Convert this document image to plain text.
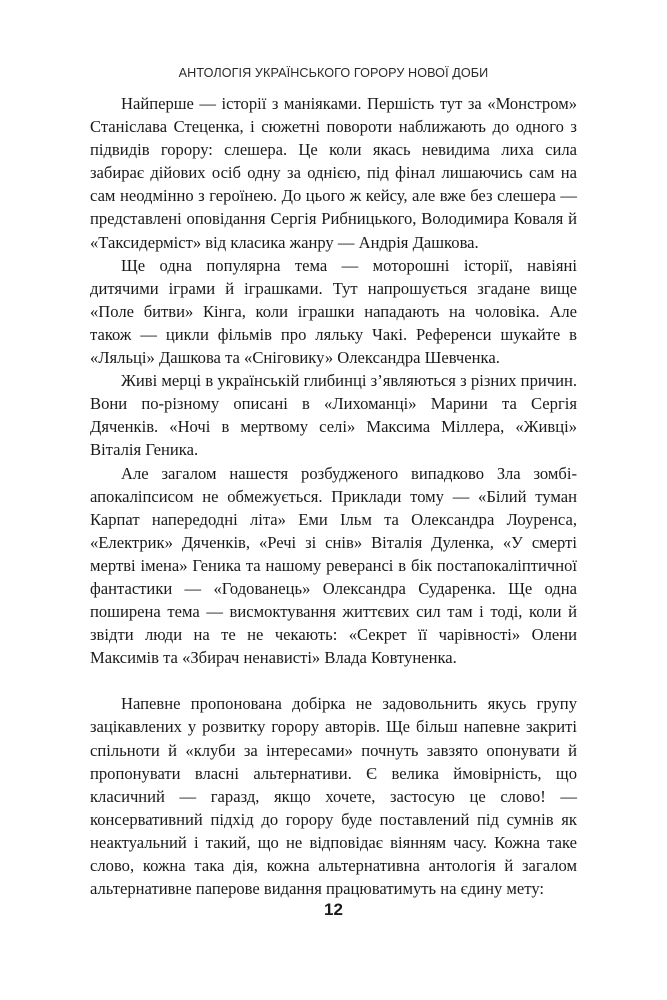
АНТОЛОГІЯ УКРАЇНСЬКОГО ГОРОРУ НОВОЇ ДОБИ

Найперше — історії з маніяками. Першість тут за «Монстром» Станіслава Стеценка, і сюжетні повороти наближають до одного з підвидів горору: слешера. Це коли якась невидима лиха сила забирає дійових осіб одну за однією, під фінал лишаючись сам на сам неодмінно з героїнею. До цього ж кейсу, але вже без слешера — представлені оповідання Сергія Рибницького, Володимира Коваля й «Таксидерміст» від класика жанру — Андрія Дашкова.

Ще одна популярна тема — моторошні історії, навіяні дитячими іграми й іграшками. Тут напрошується згадане вище «Поле битви» Кінга, коли іграшки нападають на чоловіка. Але також — цикли фільмів про ляльку Чакі. Референси шукайте в «Ляльці» Дашкова та «Сніговику» Олександра Шевченка.

Живі мерці в українській глибинці з’являються з різних причин. Вони по-різному описані в «Лихоманці» Марини та Сергія Дяченків. «Ночі в мертвому селі» Максима Міллера, «Живці» Віталія Геника.

Але загалом нашестя розбудженого випадково Зла зомбі-апокаліпсисом не обмежується. Приклади тому — «Білий туман Карпат напередодні літа» Еми Ільм та Олександра Лоуренса, «Електрик» Дяченків, «Речі зі снів» Віталія Дуленка, «У смерті мертві імена» Геника та нашому реверансі в бік постапокаліптичної фантастики — «Годованець» Олександра Сударенка. Ще одна поширена тема — висмоктування життєвих сил там і тоді, коли й звідти люди на те не чекають: «Секрет її чарівності» Олени Максимів та «Збирач ненависті» Влада Ковтуненка.

Напевне пропонована добірка не задовольнить якусь групу зацікавлених у розвитку горору авторів. Ще більш напевне закриті спільноти й «клуби за інтересами» почнуть завзято опонувати й пропонувати власні альтернативи. Є велика ймовірність, що класичний — гаразд, якщо хочете, застосую це слово! — консервативний підхід до горору буде поставлений під сумнів як неактуальний і такий, що не відповідає віянням часу. Кожна таке слово, кожна така дія, кожна альтернативна антологія й загалом альтернативне паперове видання працюватимуть на єдину мету:

12
